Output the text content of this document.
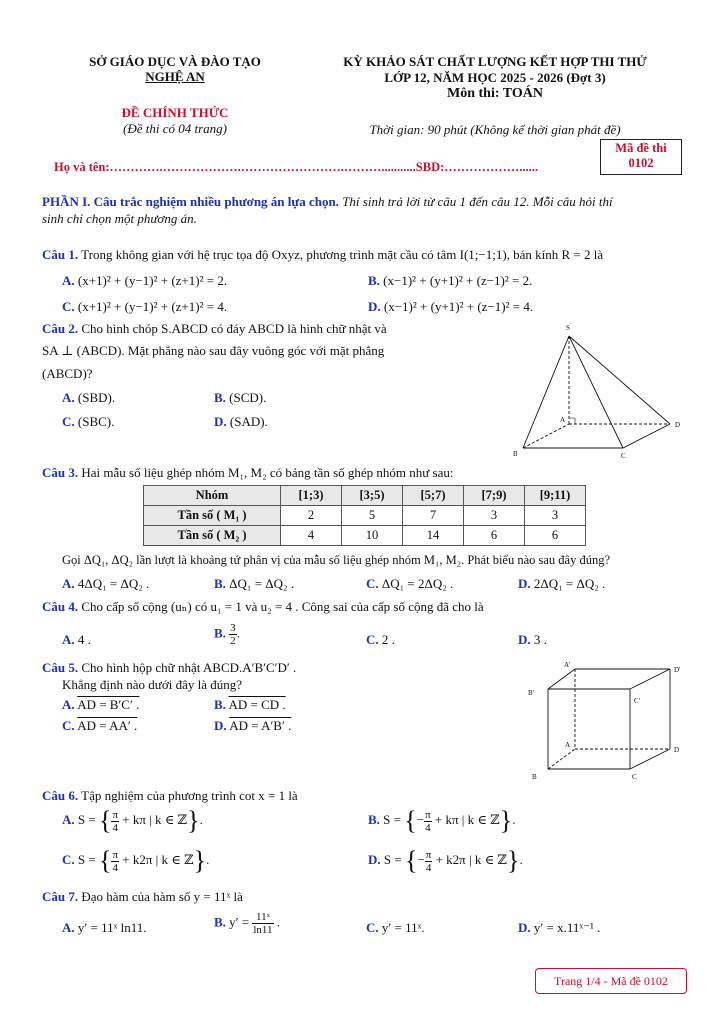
SỞ GIÁO DỤC VÀ ĐÀO TẠO
NGHỆ AN
ĐỀ CHÍNH THỨC
(Đề thi có 04 trang)
KỲ KHẢO SÁT CHẤT LƯỢNG KẾT HỢP THI THỬ
LỚP 12, NĂM HỌC 2025 - 2026 (Đợt 3)
Môn thi: TOÁN
Thời gian: 90 phút (Không kể thời gian phát đề)
Mã đề thi
0102
Họ và tên:………….……………….…………………….………...........SBD:………………......
PHẦN I. Câu trắc nghiệm nhiều phương án lựa chọn. Thí sinh trả lời từ câu 1 đến câu 12. Mỗi câu hỏi thí
sinh chỉ chọn một phương án.
Câu 1. Trong không gian với hệ trục tọa độ Oxyz, phương trình mặt cầu có tâm I(1;−1;1), bán kính R = 2 là
A. (x+1)² + (y−1)² + (z+1)² = 2.	B. (x−1)² + (y+1)² + (z−1)² = 2.
C. (x+1)² + (y−1)² + (z+1)² = 4.	D. (x−1)² + (y+1)² + (z−1)² = 4.
Câu 2. Cho hình chóp S.ABCD có đáy ABCD là hình chữ nhật và
SA ⊥ (ABCD). Mặt phẳng nào sau đây vuông góc với mặt phẳng
(ABCD)?
A. (SBD).	B. (SCD).
C. (SBC).	D. (SAD).
S
A
B	C
D
Câu 3. Hai mẫu số liệu ghép nhóm M₁, M₂ có bảng tần số ghép nhóm như sau:
Nhóm	[1;3)	[3;5)	[5;7)	[7;9)	[9;11)
Tần số ( M₁ )	2	5	7	3	3
Tần số ( M₂ )	4	10	14	6	6
Gọi ΔQ₁, ΔQ₂ lần lượt là khoảng tứ phân vị của mẫu số liệu ghép nhóm M₁, M₂. Phát biểu nào sau đây đúng?
A. 4ΔQ₁ = ΔQ₂ .	B. ΔQ₁ = ΔQ₂ .	C. ΔQ₁ = 2ΔQ₂ .	D. 2ΔQ₁ = ΔQ₂ .
Câu 4. Cho cấp số cộng (uₙ) có u₁ = 1 và u₂ = 4 . Công sai của cấp số cộng đã cho là
A. 4 .	B. $\frac{3}{2}$ .	C. 2 .	D. 3 .
Câu 5. Cho hình hộp chữ nhật ABCD.A′B′C′D′ .
Khẳng định nào dưới đây là đúng?
A. AD = B′C′ .	B. AD = CD .
C. AD = AA′ .	D. AD = A′B′ .
A′
B′
C′
D′
A
B	C
D
Câu 6. Tập nghiệm của phương trình cot x = 1 là
A. S = { $\frac{\pi}{4} + k\pi$ | k ∈ ℤ}.	B. S = {− $\frac{\pi}{4} + k\pi$ | k ∈ ℤ}.
C. S = { $\frac{\pi}{4} + k2\pi$ | k ∈ ℤ}.	D. S = {− $\frac{\pi}{4} + k2\pi$ | k ∈ ℤ}.
Câu 7. Đạo hàm của hàm số y = 11ˣ là
A. y′ = 11ˣ ln11.	B. $y' = \frac{\text{11ˣ}}{\ln 11}$ .	C. y′ = 11ˣ.	D. y′ = x.11ˣ⁻¹ .
Trang 1/4 - Mã đề 0102
